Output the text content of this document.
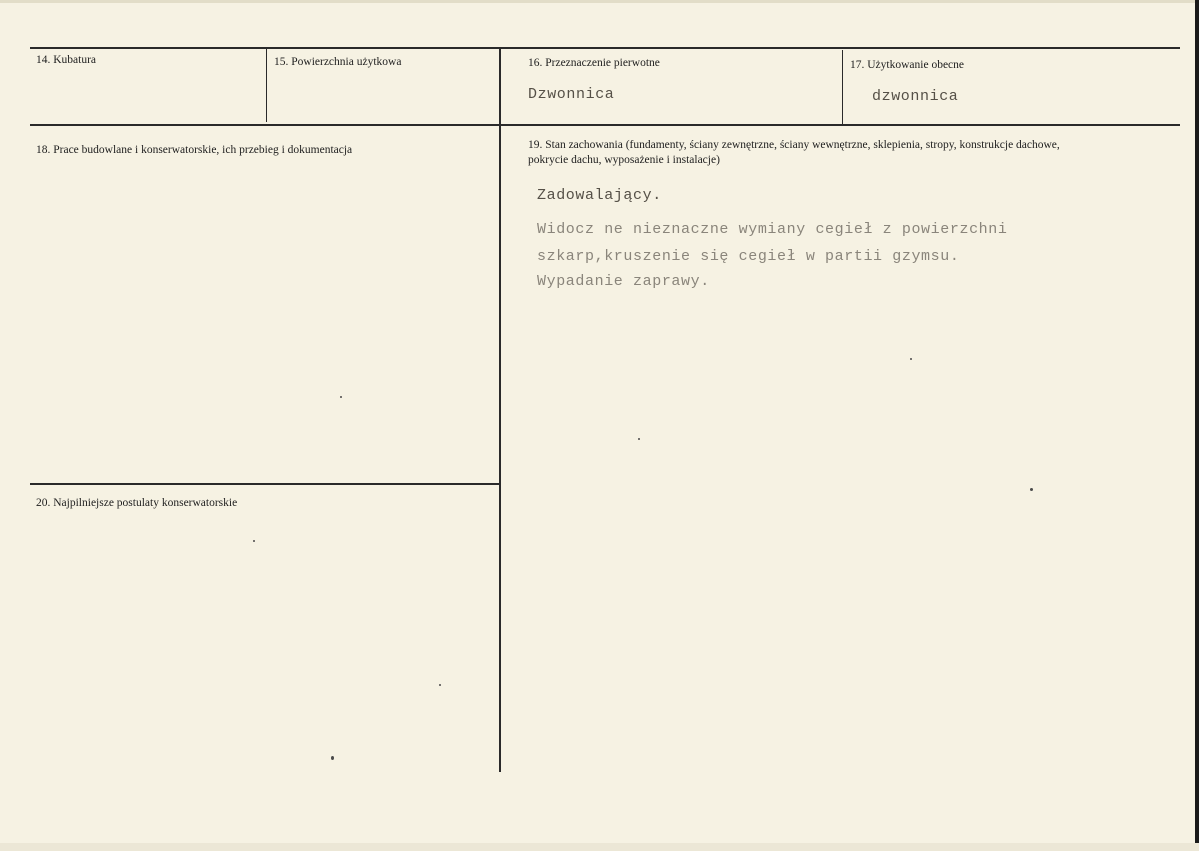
14. Kubatura	15. Powierzchnia użytkowa	16. Przeznaczenie pierwotne
Dzwonnica
17. Użytkowanie obecne
dzwonnica
18. Prace budowlane i konserwatorskie, ich przebieg i dokumentacja	19. Stan zachowania (fundamenty, ściany zewnętrzne, ściany wewnętrzne, sklepienia, stropy, konstrukcje dachowe, pokrycie dachu, wyposażenie i instalacje)
Zadowalający.
Widocz ne nieznaczne wymiany cegieł z powierzchni
szkarp,kruszenie się cegieł w partii gzymsu.
Wypadanie zaprawy.
20. Najpilniejsze postulaty konserwatorskie
